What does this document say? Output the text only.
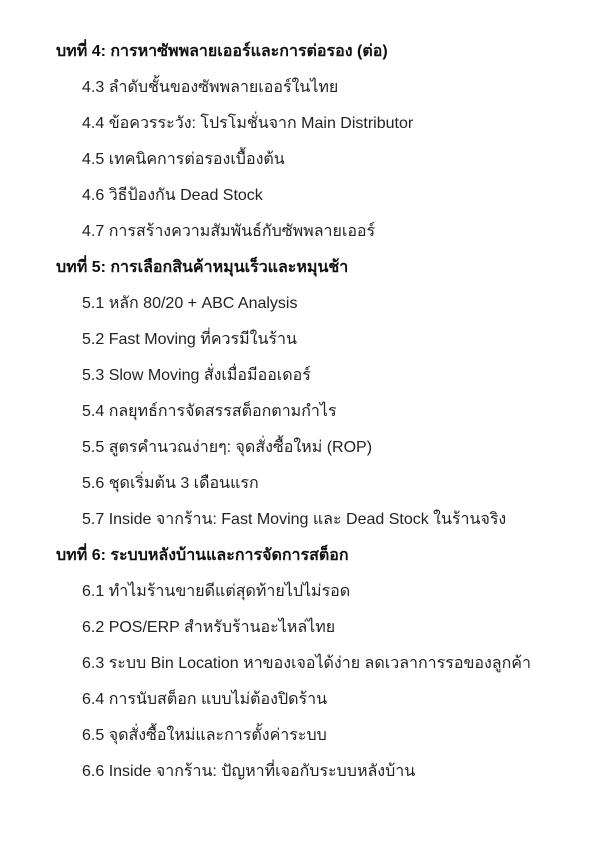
บทที่ 4: การหาซัพพลายเออร์และการต่อรอง (ต่อ)
4.3 ลำดับชั้นของซัพพลายเออร์ในไทย
4.4 ข้อควรระวัง: โปรโมชั่นจาก Main Distributor
4.5 เทคนิคการต่อรองเบื้องต้น
4.6 วิธีป้องกัน Dead Stock
4.7 การสร้างความสัมพันธ์กับซัพพลายเออร์
บทที่ 5: การเลือกสินค้าหมุนเร็วและหมุนช้า
5.1 หลัก 80/20 + ABC Analysis
5.2 Fast Moving ที่ควรมีในร้าน
5.3 Slow Moving สั่งเมื่อมีออเดอร์
5.4 กลยุทธ์การจัดสรรสต็อกตามกำไร
5.5 สูตรคำนวณง่ายๆ: จุดสั่งซื้อใหม่ (ROP)
5.6 ชุดเริ่มต้น 3 เดือนแรก
5.7 Inside จากร้าน: Fast Moving และ Dead Stock ในร้านจริง
บทที่ 6: ระบบหลังบ้านและการจัดการสต็อก
6.1 ทำไมร้านขายดีแต่สุดท้ายไปไม่รอด
6.2 POS/ERP สำหรับร้านอะไหล่ไทย
6.3 ระบบ Bin Location หาของเจอได้ง่าย ลดเวลาการรอของลูกค้า
6.4 การนับสต็อก แบบไม่ต้องปิดร้าน
6.5 จุดสั่งซื้อใหม่และการตั้งค่าระบบ
6.6 Inside จากร้าน: ปัญหาที่เจอกับระบบหลังบ้าน
